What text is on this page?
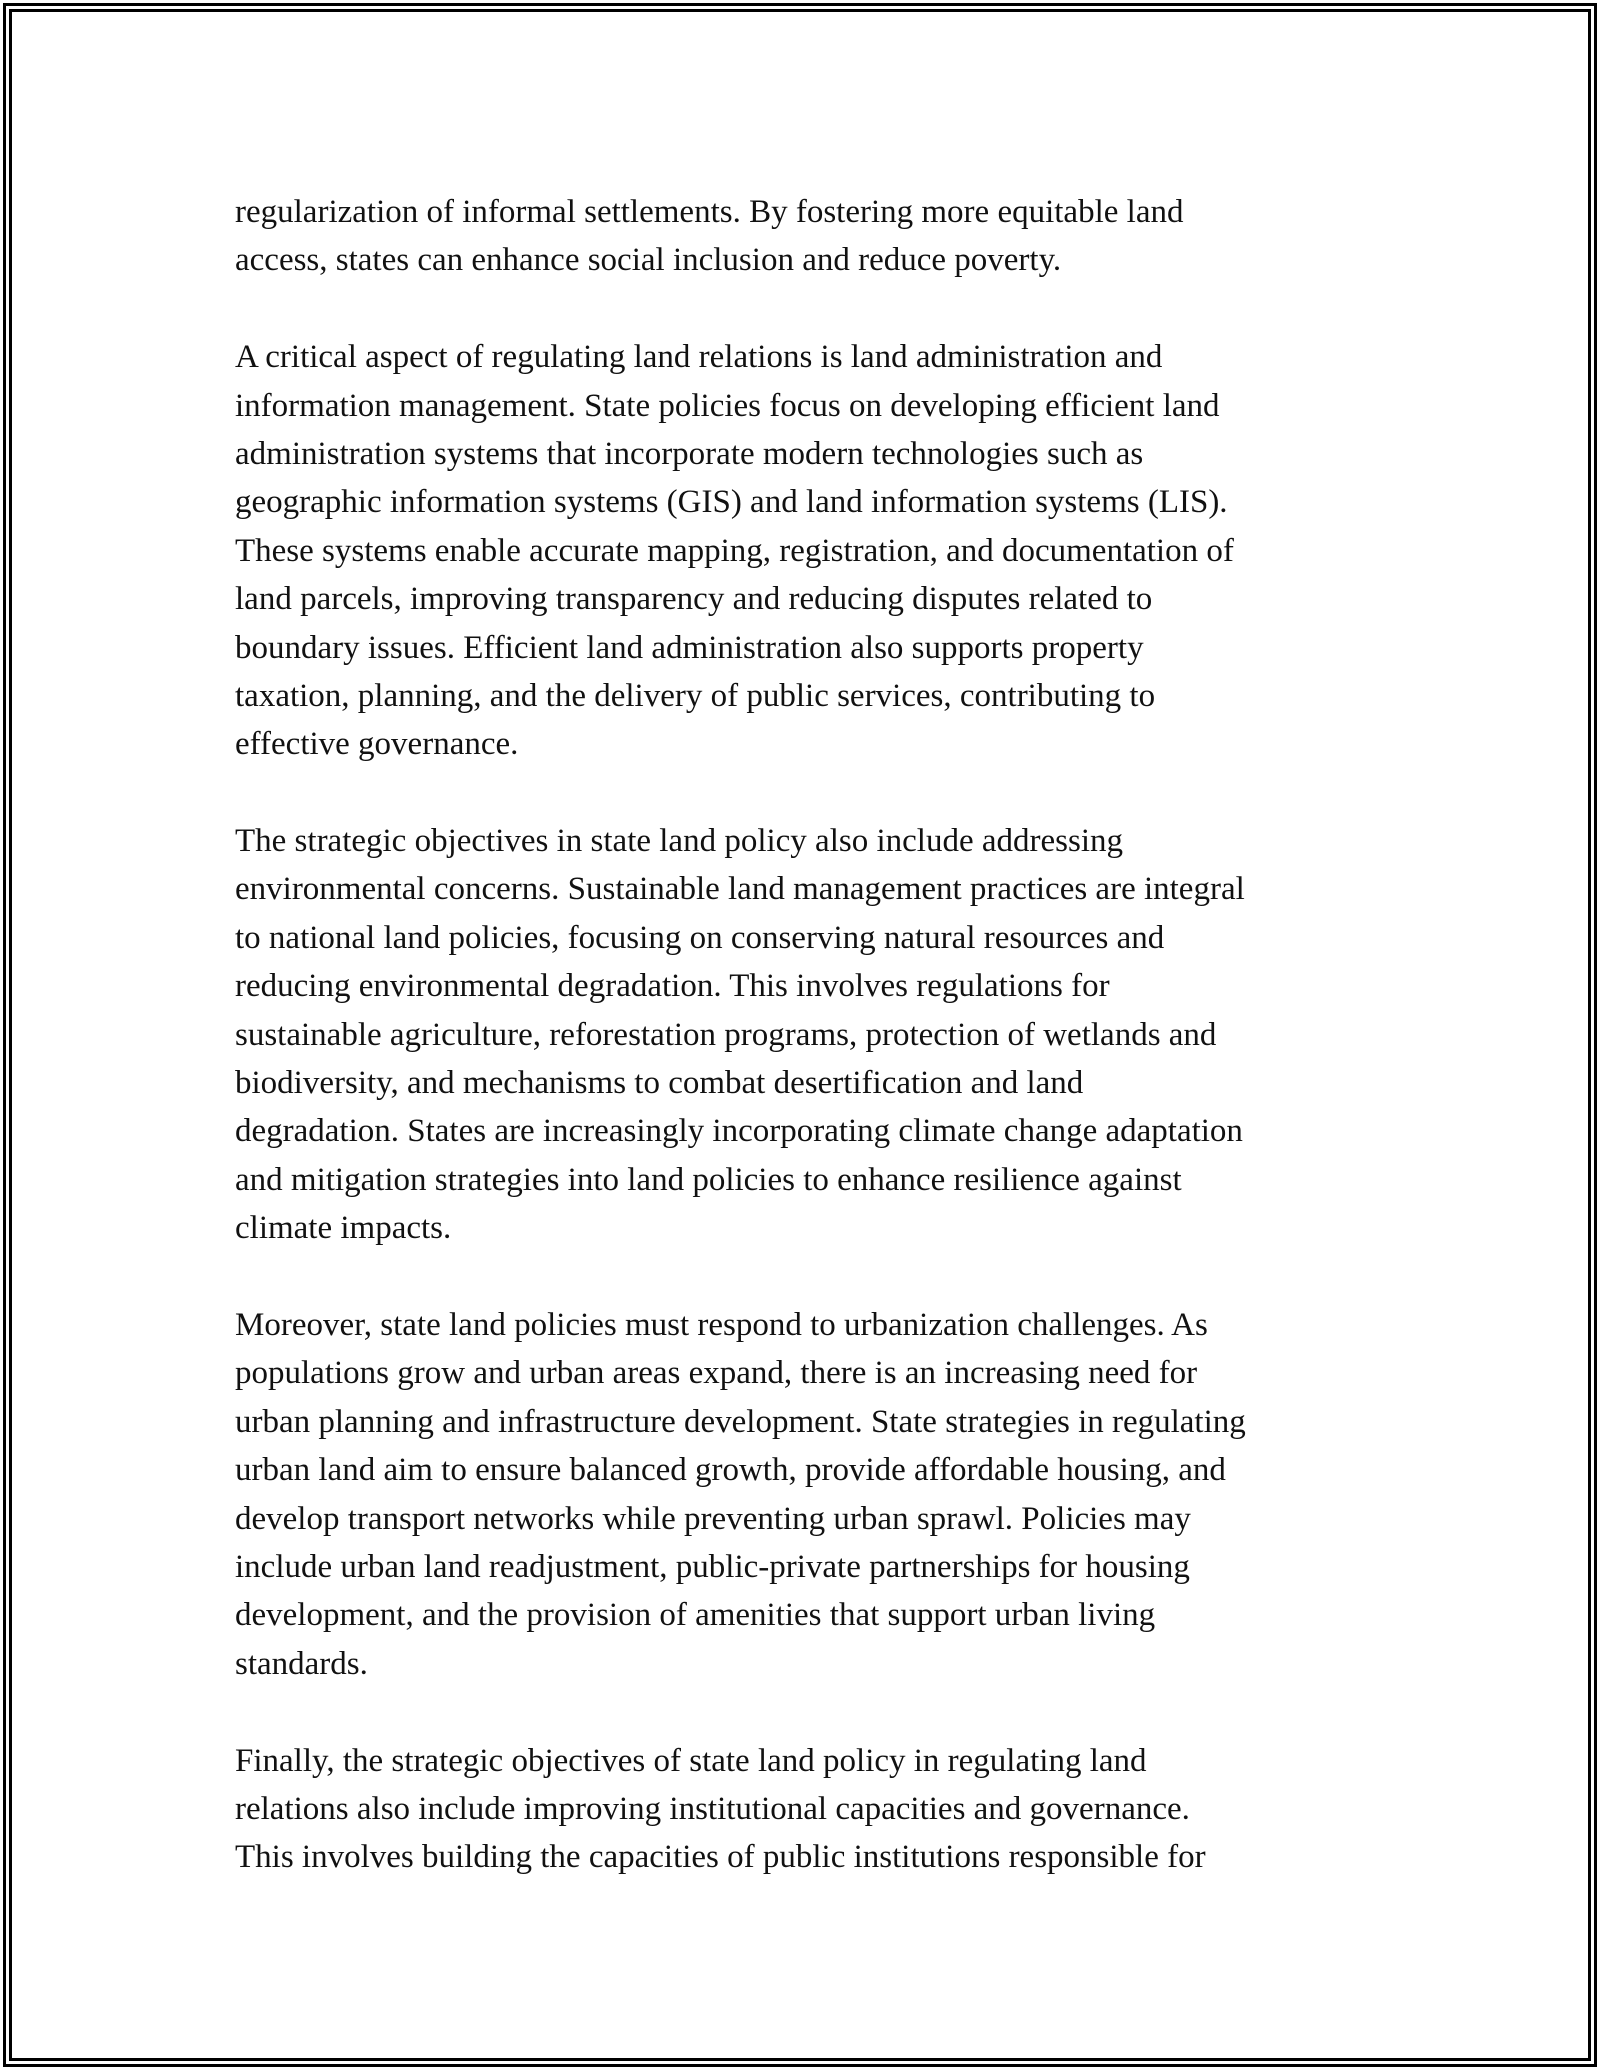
regularization of informal settlements. By fostering more equitable land
access, states can enhance social inclusion and reduce poverty.
A critical aspect of regulating land relations is land administration and
information management. State policies focus on developing efficient land
administration systems that incorporate modern technologies such as
geographic information systems (GIS) and land information systems (LIS).
These systems enable accurate mapping, registration, and documentation of
land parcels, improving transparency and reducing disputes related to
boundary issues. Efficient land administration also supports property
taxation, planning, and the delivery of public services, contributing to
effective governance.
The strategic objectives in state land policy also include addressing
environmental concerns. Sustainable land management practices are integral
to national land policies, focusing on conserving natural resources and
reducing environmental degradation. This involves regulations for
sustainable agriculture, reforestation programs, protection of wetlands and
biodiversity, and mechanisms to combat desertification and land
degradation. States are increasingly incorporating climate change adaptation
and mitigation strategies into land policies to enhance resilience against
climate impacts.
Moreover, state land policies must respond to urbanization challenges. As
populations grow and urban areas expand, there is an increasing need for
urban planning and infrastructure development. State strategies in regulating
urban land aim to ensure balanced growth, provide affordable housing, and
develop transport networks while preventing urban sprawl. Policies may
include urban land readjustment, public-private partnerships for housing
development, and the provision of amenities that support urban living
standards.
Finally, the strategic objectives of state land policy in regulating land
relations also include improving institutional capacities and governance.
This involves building the capacities of public institutions responsible for
